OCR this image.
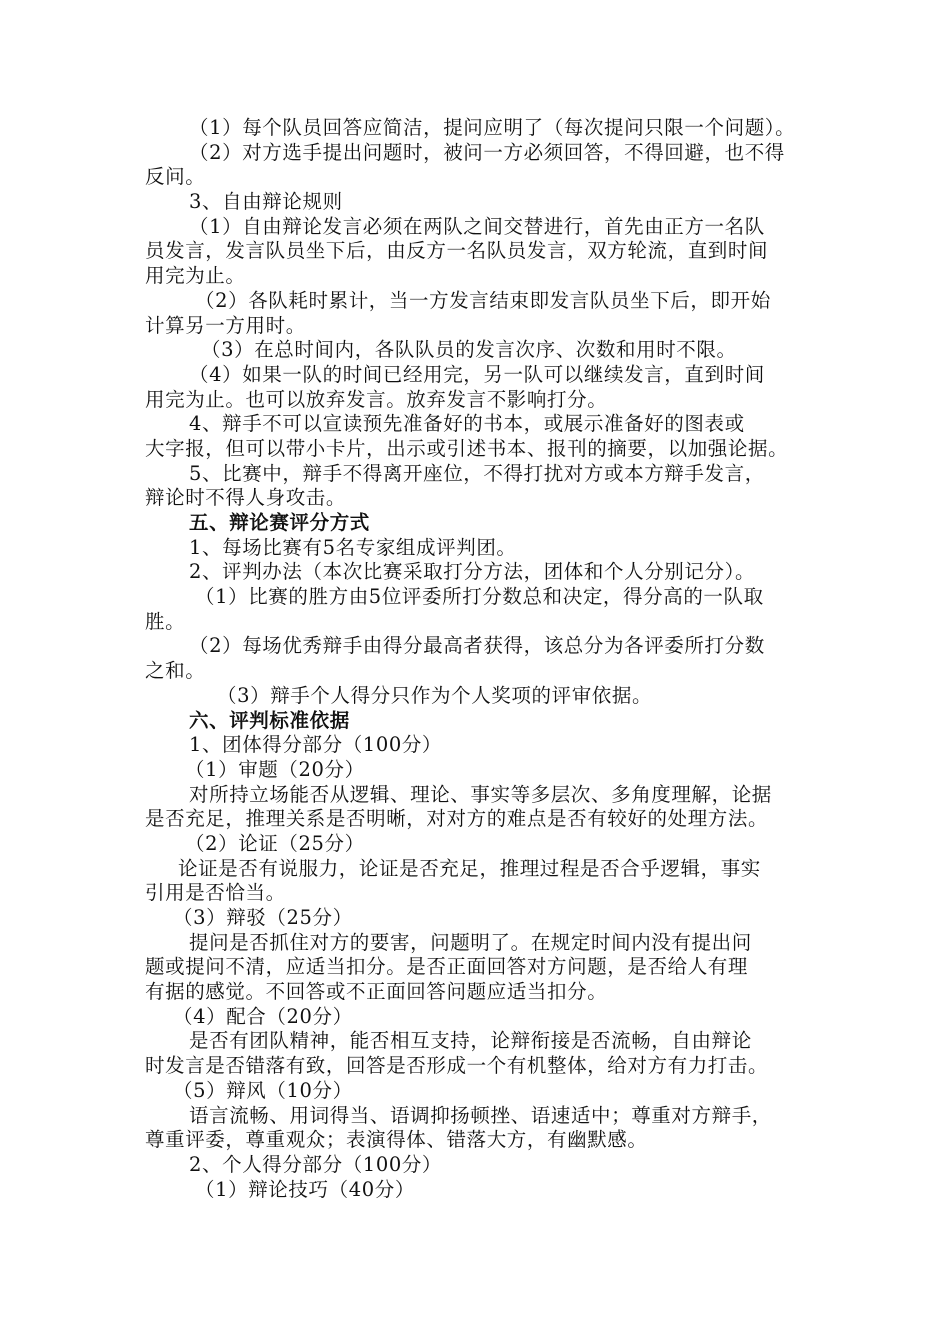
（1）每个队员回答应简洁，提问应明了（每次提问只限一个问题）。
（2）对方选手提出问题时，被问一方必须回答，不得回避，也不得
反问。
3、自由辩论规则
（1）自由辩论发言必须在两队之间交替进行，首先由正方一名队
员发言，发言队员坐下后，由反方一名队员发言，双方轮流，直到时间
用完为止。
（2）各队耗时累计，当一方发言结束即发言队员坐下后，即开始
计算另一方用时。
（3）在总时间内，各队队员的发言次序、次数和用时不限。
（4）如果一队的时间已经用完，另一队可以继续发言，直到时间
用完为止。也可以放弃发言。放弃发言不影响打分。
4、辩手不可以宣读预先准备好的书本，或展示准备好的图表或
大字报，但可以带小卡片，出示或引述书本、报刊的摘要，以加强论据。
5、比赛中，辩手不得离开座位，不得打扰对方或本方辩手发言，
辩论时不得人身攻击。
五、辩论赛评分方式
1、每场比赛有5名专家组成评判团。
2、评判办法（本次比赛采取打分方法，团体和个人分别记分）。
（1）比赛的胜方由5位评委所打分数总和决定，得分高的一队取
胜。
（2）每场优秀辩手由得分最高者获得，该总分为各评委所打分数
之和。
（3）辩手个人得分只作为个人奖项的评审依据。
六、评判标准依据
1、团体得分部分（100分）
（1）审题（20分）
对所持立场能否从逻辑、理论、事实等多层次、多角度理解，论据
是否充足，推理关系是否明晰，对对方的难点是否有较好的处理方法。
（2）论证（25分）
论证是否有说服力，论证是否充足，推理过程是否合乎逻辑，事实
引用是否恰当。
（3）辩驳（25分）
提问是否抓住对方的要害，问题明了。在规定时间内没有提出问
题或提问不清，应适当扣分。是否正面回答对方问题，是否给人有理
有据的感觉。不回答或不正面回答问题应适当扣分。
（4）配合（20分）
是否有团队精神，能否相互支持，论辩衔接是否流畅，自由辩论
时发言是否错落有致，回答是否形成一个有机整体，给对方有力打击。
（5）辩风（10分）
语言流畅、用词得当、语调抑扬顿挫、语速适中；尊重对方辩手，
尊重评委，尊重观众；表演得体、错落大方，有幽默感。
2、个人得分部分（100分）
（1）辩论技巧（40分）
